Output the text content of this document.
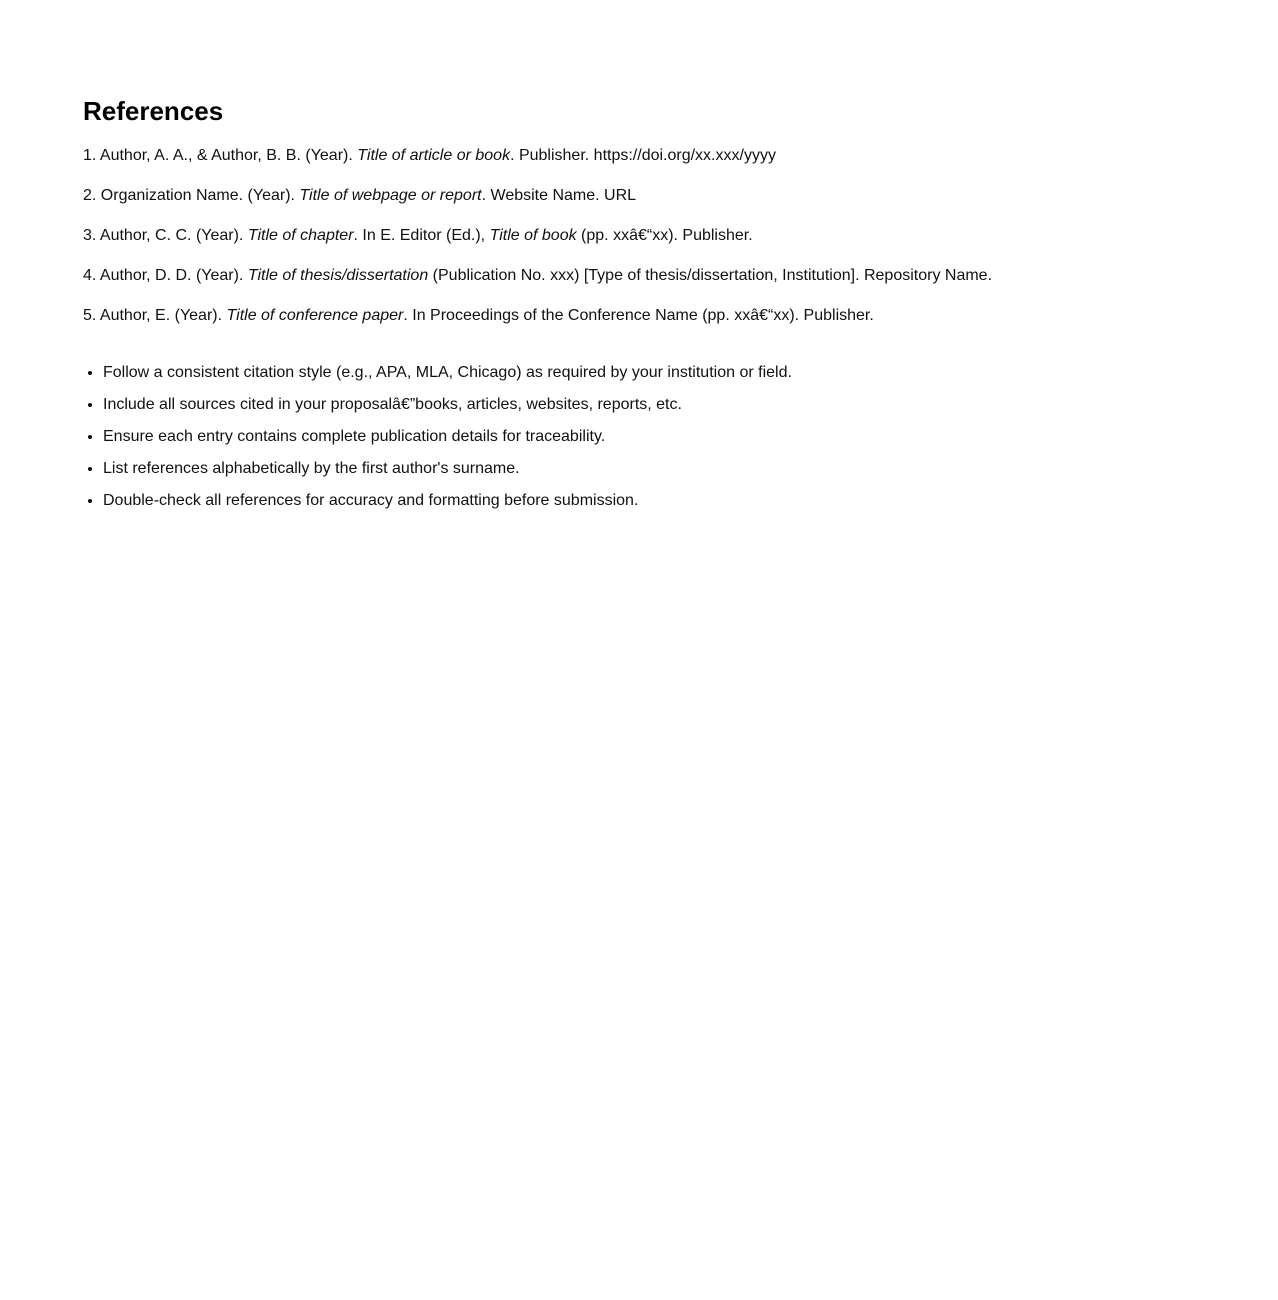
References
1. Author, A. A., & Author, B. B. (Year). Title of article or book. Publisher. https://doi.org/xx.xxx/yyyy
2. Organization Name. (Year). Title of webpage or report. Website Name. URL
3. Author, C. C. (Year). Title of chapter. In E. Editor (Ed.), Title of book (pp. xxâ€“xx). Publisher.
4. Author, D. D. (Year). Title of thesis/dissertation (Publication No. xxx) [Type of thesis/dissertation, Institution]. Repository Name.
5. Author, E. (Year). Title of conference paper. In Proceedings of the Conference Name (pp. xxâ€“xx). Publisher.
• Follow a consistent citation style (e.g., APA, MLA, Chicago) as required by your institution or field.
• Include all sources cited in your proposalâ€”books, articles, websites, reports, etc.
• Ensure each entry contains complete publication details for traceability.
• List references alphabetically by the first author's surname.
• Double-check all references for accuracy and formatting before submission.
